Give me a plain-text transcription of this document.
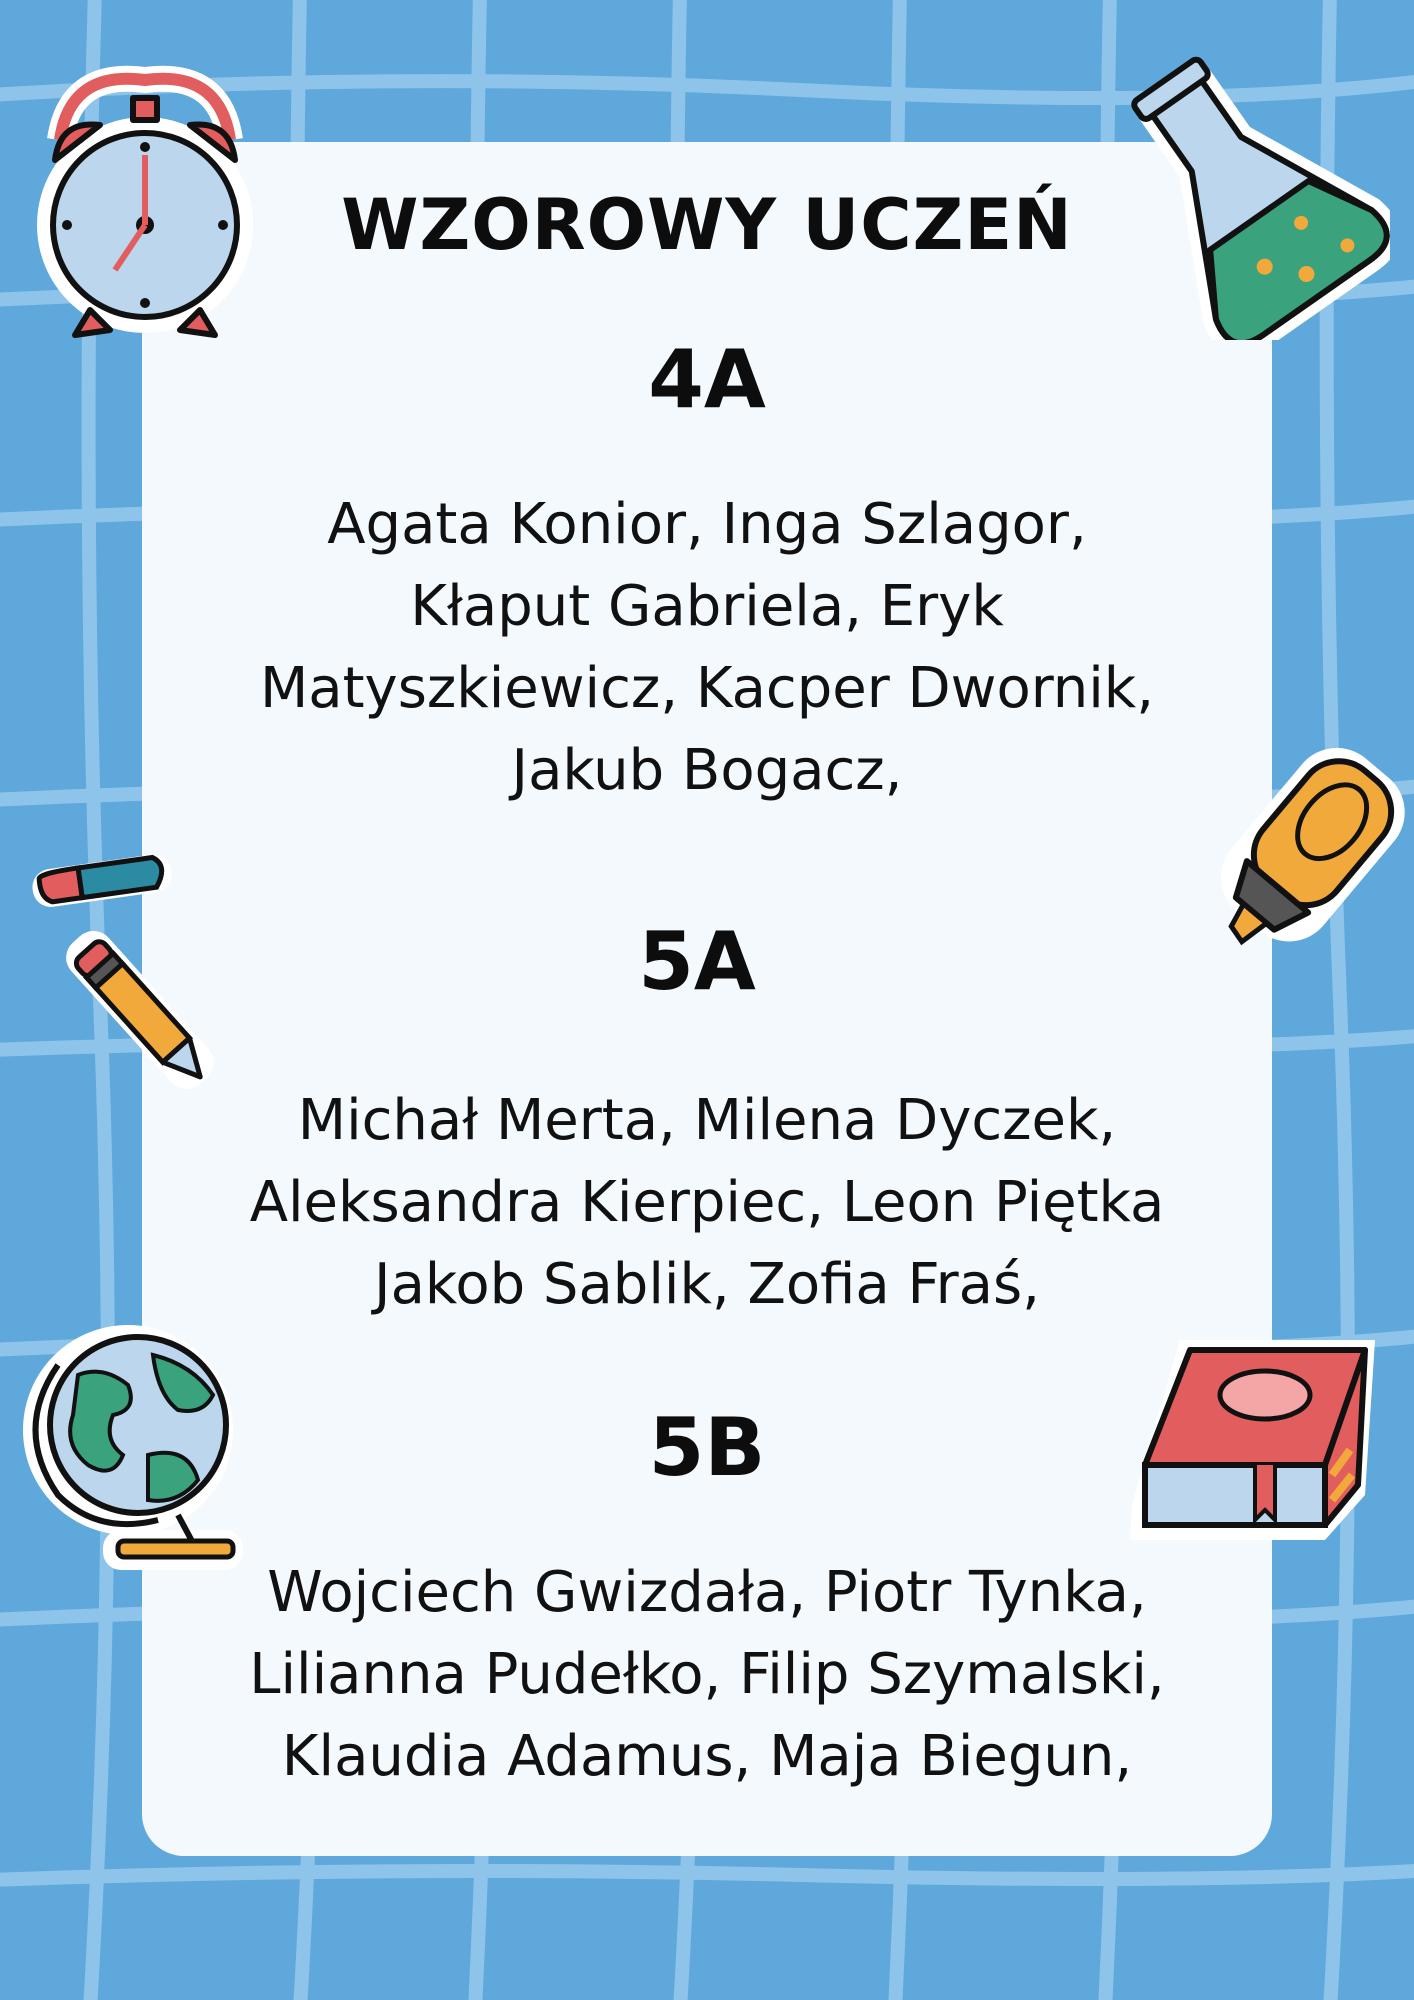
WZOROWY UCZEŃ
4A
Agata Konior, Inga Szlagor,
Kłaput Gabriela, Eryk
Matyszkiewicz, Kacper Dwornik,
Jakub Bogacz,
5A
Michał Merta, Milena Dyczek,
Aleksandra Kierpiec, Leon Piętka
Jakob Sablik, Zofia Fraś,
5B
Wojciech Gwizdała, Piotr Tynka,
Lilianna Pudełko, Filip Szymalski,
Klaudia Adamus, Maja Biegun,
